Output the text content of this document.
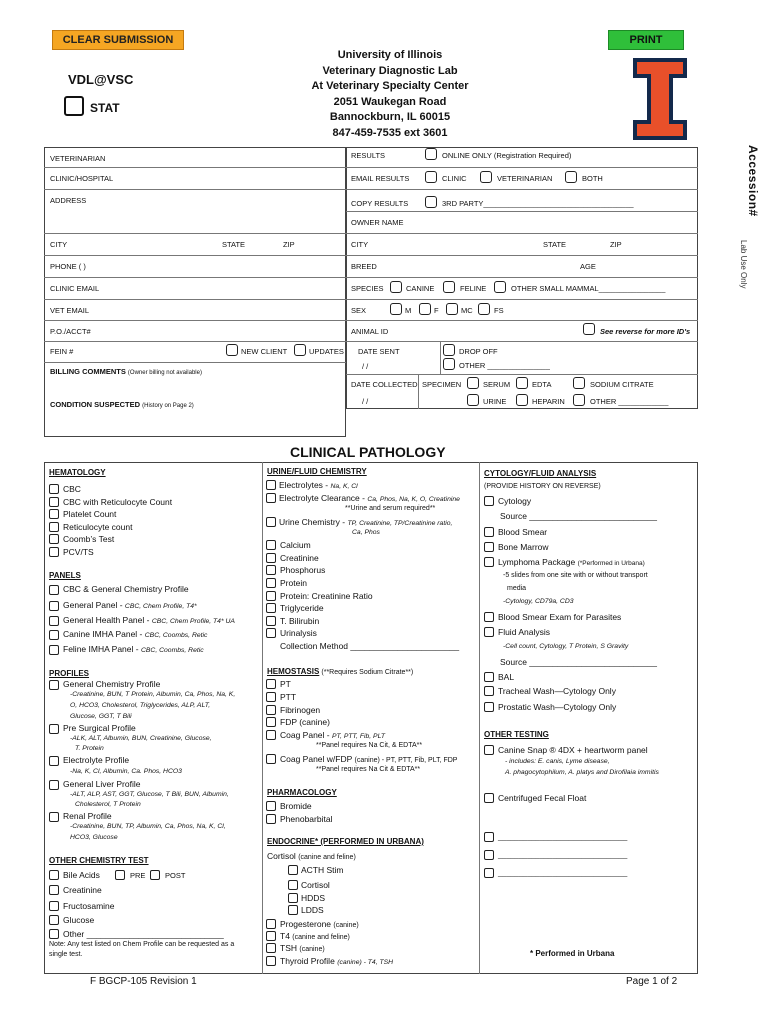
CLEAR SUBMISSION	PRINT
University of Illinois
Veterinary Diagnostic Lab
At Veterinary Specialty Center
2051 Waukegan Road
Bannockburn, IL 60015
847-459-7535 ext 3601
VDL@VSC
STAT
Accession#
Lab Use Only
VETERINARIAN
CLINIC/HOSPITAL
ADDRESS
CITY	STATE	ZIP
PHONE ( )
CLINIC EMAIL
VET EMAIL
P.O./ACCT#
FEIN #	NEW CLIENT	UPDATES
BILLING COMMENTS (Owner billing not available)
CONDITION SUSPECTED (History on Page 2)
RESULTS	ONLINE ONLY (Registration Required)
EMAIL RESULTS	CLINIC	VETERINARIAN	BOTH
COPY RESULTS	3RD PARTY____________________________________
OWNER NAME
CITY	STATE	ZIP
BREED	AGE
SPECIES	CANINE	FELINE	OTHER SMALL MAMMAL________________
SEX	M	F	MC	FS
ANIMAL ID	See reverse for more ID's
DATE SENT
/ /
DROP OFF
OTHER _______________
DATE COLLECTED
/ /
SPECIMEN	SERUM	EDTA	SODIUM CITRATE
URINE	HEPARIN	OTHER ____________
CLINICAL PATHOLOGY
HEMATOLOGY
CBC
CBC with Reticulocyte Count
Platelet Count
Reticulocyte count
Coomb’s Test
PCV/TS
PANELS
CBC & General Chemistry Profile
General Panel - CBC, Chem Profile, T4*
General Health Panel - CBC, Chem Profile, T4* UA
Canine IMHA Panel - CBC, Coombs, Retic
Feline IMHA Panel - CBC, Coombs, Retic
PROFILES
General Chemistry Profile
-Creatinine, BUN, T Protein, Albumin, Ca, Phos, Na, K,
O, HCO3, Cholesterol, Triglycerides, ALP, ALT,
Glucose, GGT, T Bili
Pre Surgical Profile
-ALK, ALT, Albumin, BUN, Creatinine, Glucose,
T. Protein
Electrolyte Profile
-Na, K, Cl, Albumin, Ca. Phos, HCO3
General Liver Profile
-ALT, ALP, AST, GGT, Glucose, T Bili, BUN, Albumin,
Cholesterol, T Protein
Renal Profile
-Creatinine, BUN, TP, Albumin, Ca, Phos, Na, K, Cl,
HCO3, Glucose
OTHER CHEMISTRY TEST
Bile Acids	PRE	POST
Creatinine
Fructosamine
Glucose
Other _____________________________
Note: Any test listed on Chem Profile can be requested as a
single test.
URINE/FLUID CHEMISTRY
Electrolytes - Na, K, Cl
Electrolyte Clearance - Ca, Phos, Na, K, O, Creatinine
**Urine and serum required**
Urine Chemistry - TP, Creatinine, TP/Creatinine ratio,
Ca, Phos
Calcium
Creatinine
Phosphorus
Protein
Protein: Creatinine Ratio
Triglyceride
T. Bilirubin
Urinalysis
Collection Method _______________________
HEMOSTASIS (**Requires Sodium Citrate**)
PT
PTT
Fibrinogen
FDP (canine)
Coag Panel - PT, PTT, Fib, PLT
**Panel requires Na Cit, & EDTA**
Coag Panel w/FDP (canine) - PT, PTT, Fib, PLT, FDP
**Panel requires Na Cit & EDTA**
PHARMACOLOGY
Bromide
Phenobarbital
ENDOCRINE* (PERFORMED IN URBANA)
Cortisol (canine and feline)
ACTH Stim
Cortisol
HDDS
LDDS
Progesterone (canine)
T4 (canine and feline)
TSH (canine)
Thyroid Profile (canine) - T4, TSH
CYTOLOGY/FLUID ANALYSIS
(PROVIDE HISTORY ON REVERSE)
Cytology
Source ___________________________
Blood Smear
Bone Marrow
Lymphoma Package (*Performed in Urbana)
-5 slides from one site with or without transport
media
-Cytology, CD79a, CD3
Blood Smear Exam for Parasites
Fluid Analysis
-Cell count, Cytology, T Protein, S Gravity
Source ___________________________
BAL
Tracheal Wash—Cytology Only
Prostatic Wash—Cytology Only
OTHER TESTING
Canine Snap ® 4DX + heartworm panel
- includes: E. canis, Lyme disease,
A. phagocytophilum, A. platys and Dirofilaia immitis
Centrifuged Fecal Float
_______________________________
_______________________________
_______________________________
* Performed in Urbana
F BGCP-105 Revision 1	Page 1 of 2
